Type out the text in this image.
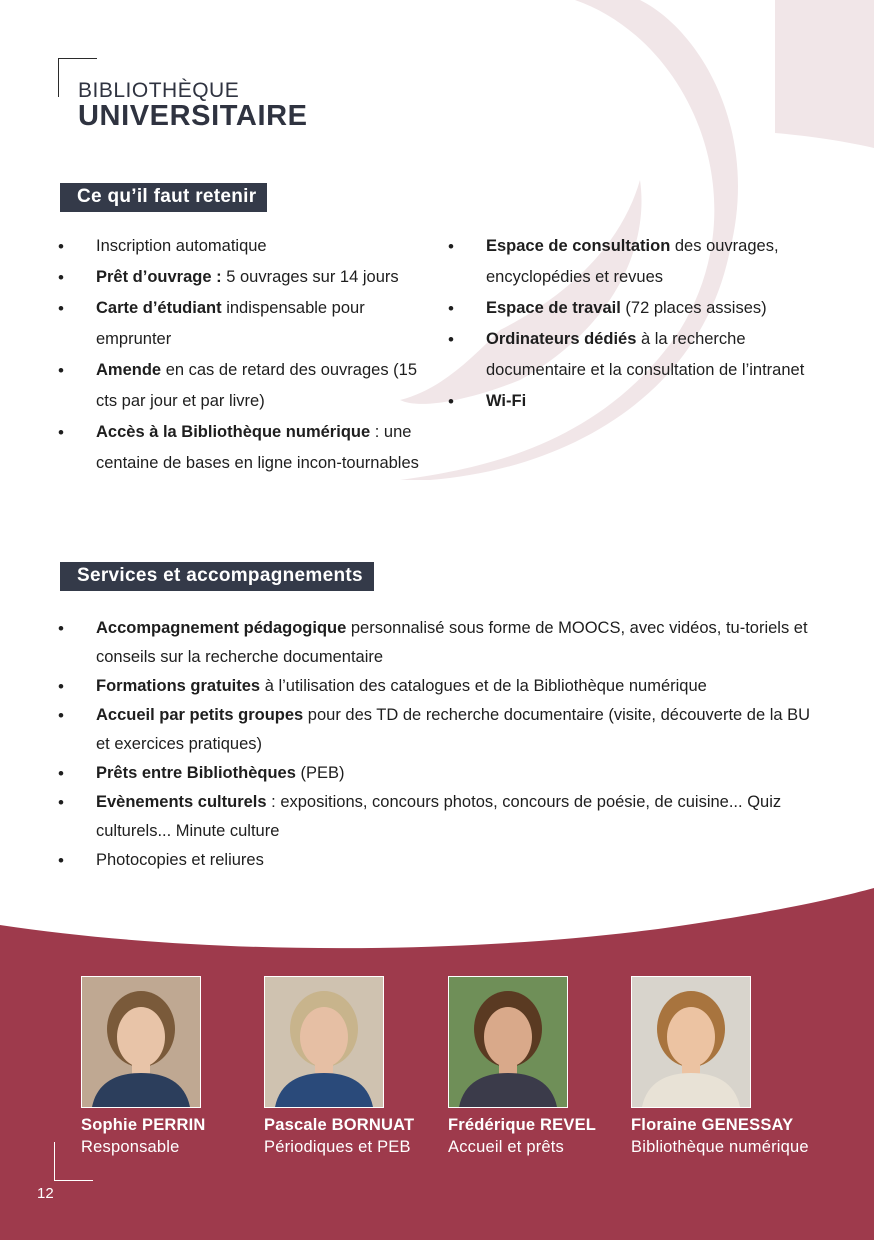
BIBLIOTHÈQUE
UNIVERSITAIRE
Ce qu’il faut retenir
• Inscription automatique
• Prêt d’ouvrage : 5 ouvrages sur 14 jours
• Carte d’étudiant indispensable pour emprunter
• Amende en cas de retard des ouvrages (15 cts par jour et par livre)
• Accès à la Bibliothèque numérique : une centaine de bases en ligne incon-tournables
• Espace de consultation des ouvrages, encyclopédies et revues
• Espace de travail (72 places assises)
• Ordinateurs dédiés à la recherche documentaire et la consultation de l’intranet
• Wi-Fi
Services et accompagnements
• Accompagnement pédagogique personnalisé sous forme de MOOCS, avec vidéos, tu-toriels et conseils sur la recherche documentaire
• Formations gratuites à l’utilisation des catalogues et de la Bibliothèque numérique
• Accueil par petits groupes pour des TD de recherche documentaire (visite, découverte de la BU et exercices pratiques)
• Prêts entre Bibliothèques (PEB)
• Evènements culturels : expositions, concours photos, concours de poésie, de cuisine... Quiz culturels... Minute culture
• Photocopies et reliures
Sophie PERRIN
Responsable
Pascale BORNUAT
Périodiques et PEB
Frédérique REVEL
Accueil et prêts
Floraine GENESSAY
Bibliothèque numérique
12
